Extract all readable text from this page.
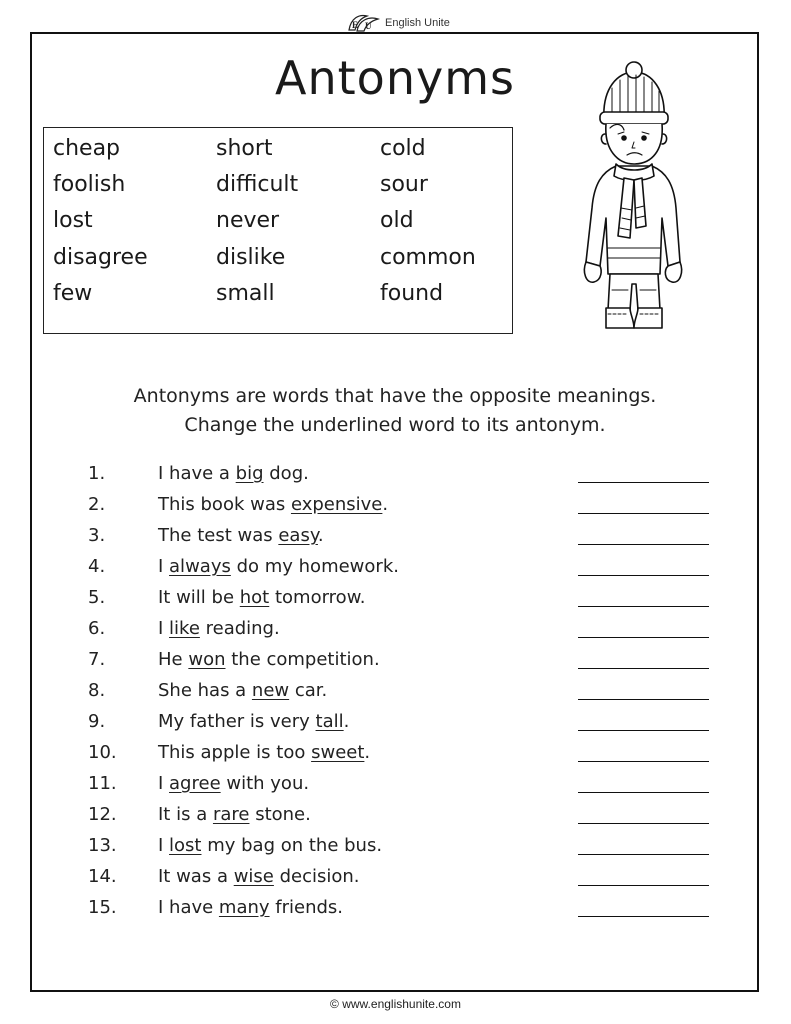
E U English Unite
Antonyms
cheap	short	cold
foolish	difficult	sour
lost	never	old
disagree	dislike	common
few	small	found
Antonyms are words that have the opposite meanings.
Change the underlined word to its antonym.
1.	I have a big dog.
2.	This book was expensive.
3.	The test was easy.
4.	I always do my homework.
5.	It will be hot tomorrow.
6.	I like reading.
7.	He won the competition.
8.	She has a new car.
9.	My father is very tall.
10. This apple is too sweet.
11. I agree with you.
12. It is a rare stone.
13. I lost my bag on the bus.
14. It was a wise decision.
15. I have many friends.
© www.englishunite.com
